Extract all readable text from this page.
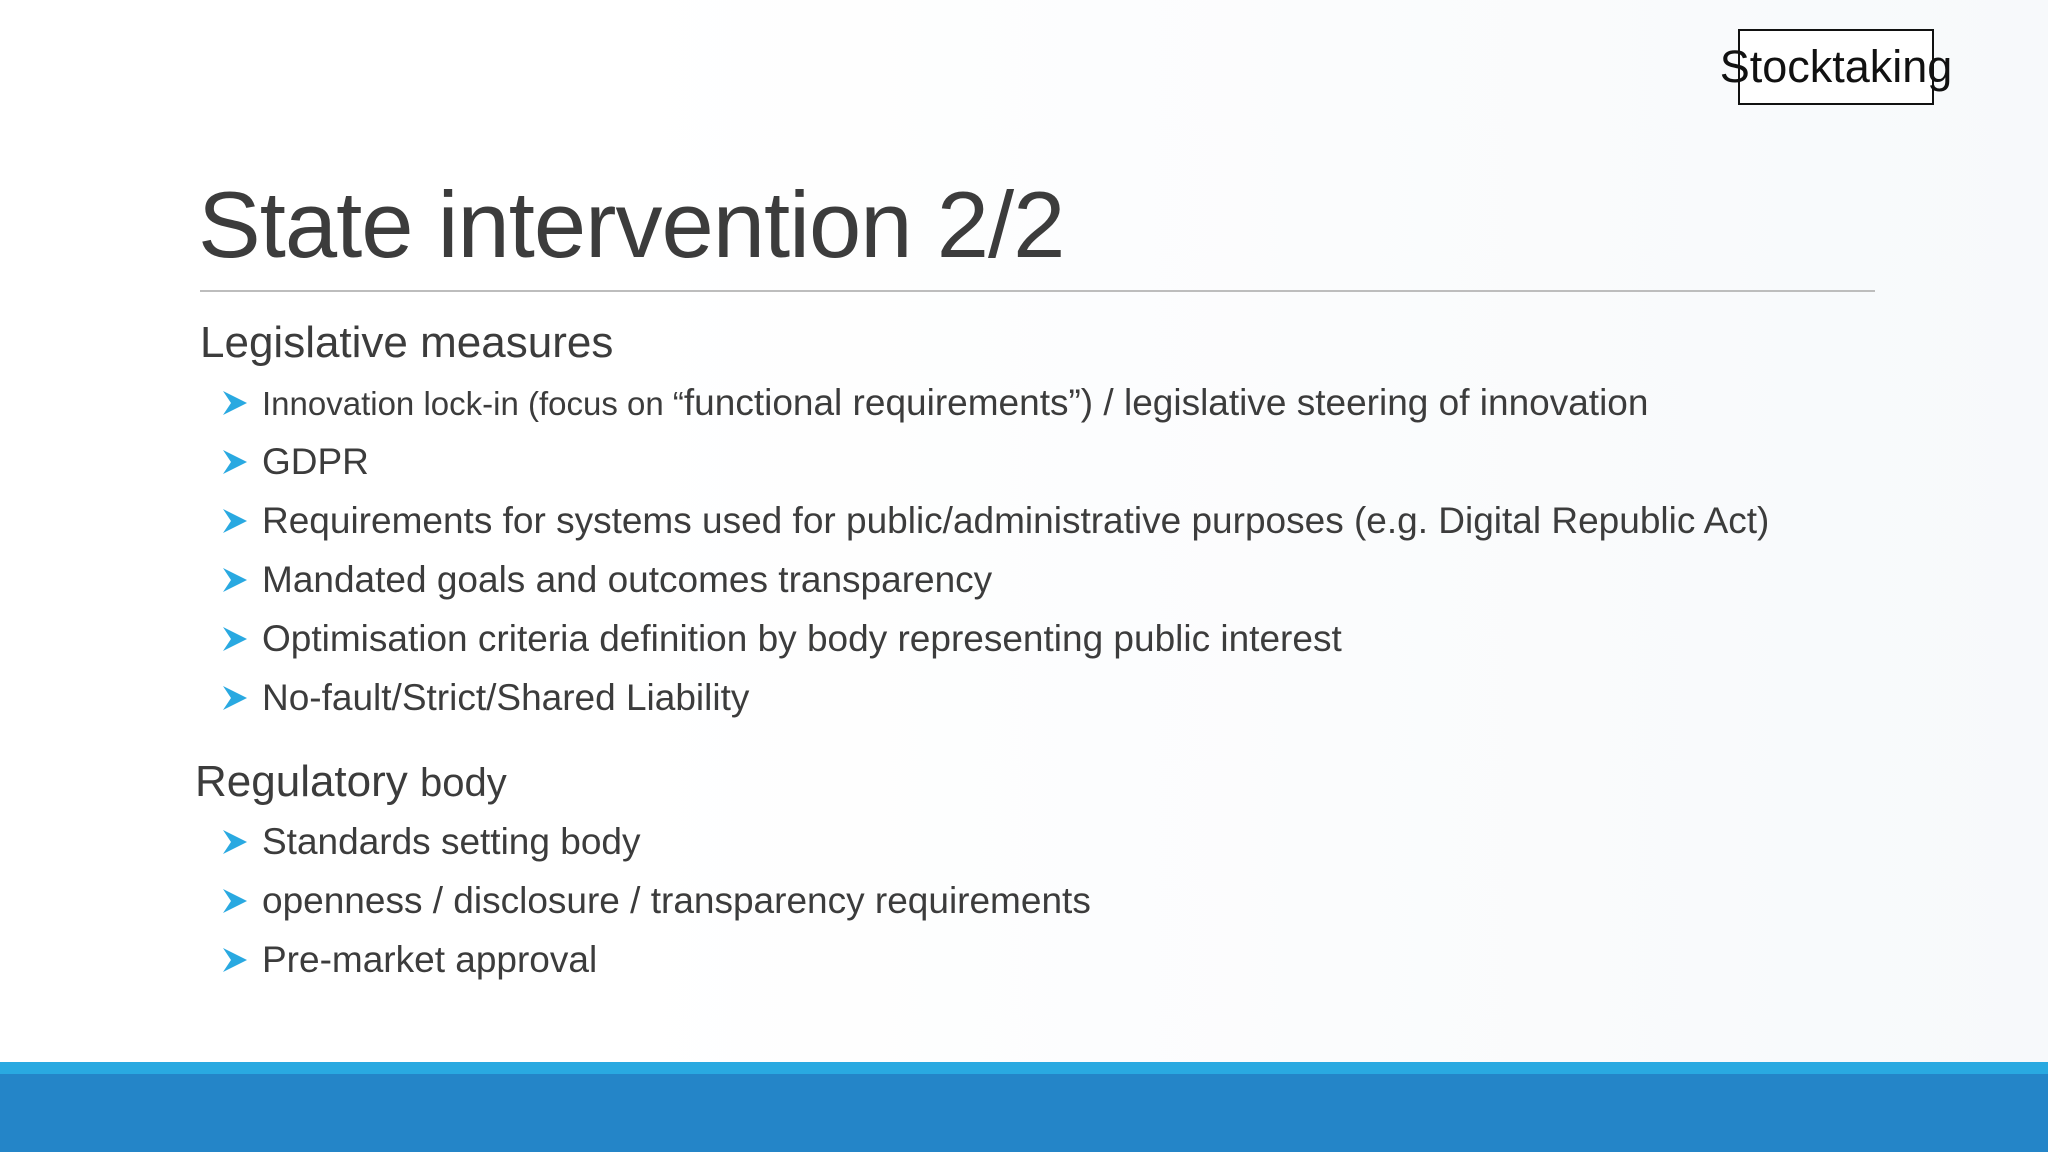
Stocktaking
State intervention 2/2
Legislative measures
Innovation lock-in (focus on “functional requirements”) / legislative steering of innovation
GDPR
Requirements for systems used for public/administrative purposes (e.g. Digital Republic Act)
Mandated goals and outcomes transparency
Optimisation criteria definition by body representing public interest
No-fault/Strict/Shared Liability
Regulatory body
Standards setting body
openness / disclosure / transparency requirements
Pre-market approval
